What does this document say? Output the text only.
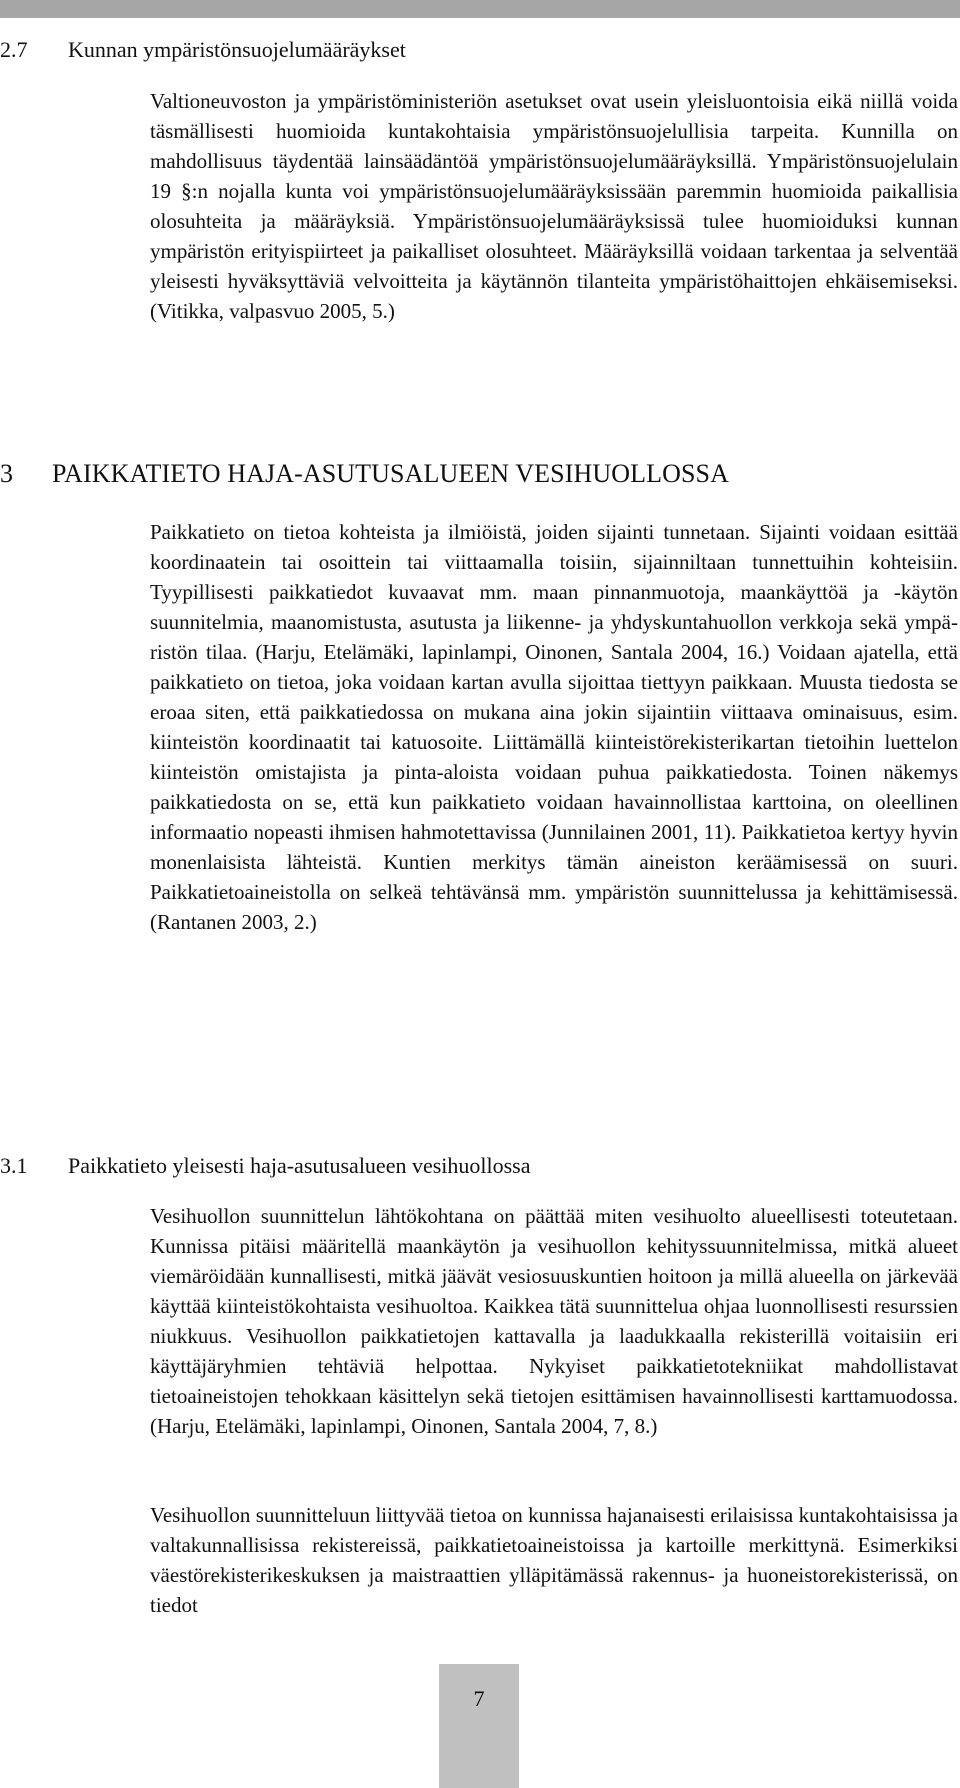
2.7 Kunnan ympäristönsuojelumääräykset

Valtioneuvoston ja ympäristöministeriön asetukset ovat usein yleisluontoisia eikä niillä voida täsmällisesti huomioida kuntakohtaisia ympäristönsuojelullisia tarpeita. Kunnilla on mahdollisuus täydentää lainsäädäntöä ympäristönsuojelumääräyksillä. Ympäristönsuojelulain 19 §:n nojalla kunta voi ympäristönsuojelumääräyksissään paremmin huomioida paikallisia olosuhteita ja määräyksiä. Ympäristönsuojelumääräyksissä tulee huomioiduksi kunnan ympäristön erityispiirteet ja paikalliset olosuhteet. Määräyksillä voidaan tarkentaa ja selventää yleisesti hyväksyttäviä velvoitteita ja käytännön tilanteita ympäristöhaittojen ehkäisemiseksi. (Vitikka, valpasvuo 2005, 5.)

3 PAIKKATIETO HAJA-ASUTUSALUEEN VESIHUOLLOSSA

Paikkatieto on tietoa kohteista ja ilmiöistä, joiden sijainti tunnetaan. Sijainti voidaan esittää koordinaatein tai osoittein tai viittaamalla toisiin, sijainniltaan tunnettuihin kohteisiin. Tyypillisesti paikkatiedot kuvaavat mm. maan pinnanmuotoja, maankäyttöä ja -käytön suunnitelmia, maanomistusta, asutusta ja liikenne- ja yhdyskuntahuollon verkkoja sekä ympäristön tilaa. (Harju, Etelämäki, lapinlampi, Oinonen, Santala 2004, 16.) Voidaan ajatella, että paikkatieto on tietoa, joka voidaan kartan avulla sijoittaa tiettyyn paikkaan. Muusta tiedosta se eroaa siten, että paikkatiedossa on mukana aina jokin sijaintiin viittaava ominaisuus, esim. kiinteistön koordinaatit tai katuosoite. Liittämällä kiinteistörekisterikartan tietoihin luettelon kiinteistön omistajista ja pinta-aloista voidaan puhua paikkatiedosta. Toinen näkemys paikkatiedosta on se, että kun paikkatieto voidaan havainnollistaa karttoina, on oleellinen informaatio nopeasti ihmisen hahmotettavissa (Junnilainen 2001, 11). Paikkatietoa kertyy hyvin monenlaisista lähteistä. Kuntien merkitys tämän aineiston keräämisessä on suuri. Paikkatietoaineistolla on selkeä tehtävänsä mm. ympäristön suunnittelussa ja kehittämisessä. (Rantanen 2003, 2.)

3.1 Paikkatieto yleisesti haja-asutusalueen vesihuollossa

Vesihuollon suunnittelun lähtökohtana on päättää miten vesihuolto alueellisesti toteutetaan. Kunnissa pitäisi määritellä maankäytön ja vesihuollon kehityssuunnitelmissa, mitkä alueet viemäröidään kunnallisesti, mitkä jäävät vesiosuuskuntien hoitoon ja millä alueella on järkevää käyttää kiinteistökohtaista vesihuoltoa. Kaikkea tätä suunnittelua ohjaa luonnollisesti resurssien niukkuus. Vesihuollon paikkatietojen kattavalla ja laadukkaalla rekisterillä voitaisiin eri käyttäjäryhmien tehtäviä helpottaa. Nykyiset paikkatietotekniikat mahdollistavat tietoaineistojen tehokkaan käsittelyn sekä tietojen esittämisen havainnollisesti karttamuodossa. (Harju, Etelämäki, lapinlampi, Oinonen, Santala 2004, 7, 8.)

Vesihuollon suunnitteluun liittyvää tietoa on kunnissa hajanaisesti erilaisissa kuntakohtaisissa ja valtakunnallisissa rekistereissä, paikkatietoaineistoissa ja kartoille merkittynä. Esimerkiksi väestörekisterikeskuksen ja maistraattien ylläpitämässä rakennus- ja huoneistorekisterissä, on tiedot

7
